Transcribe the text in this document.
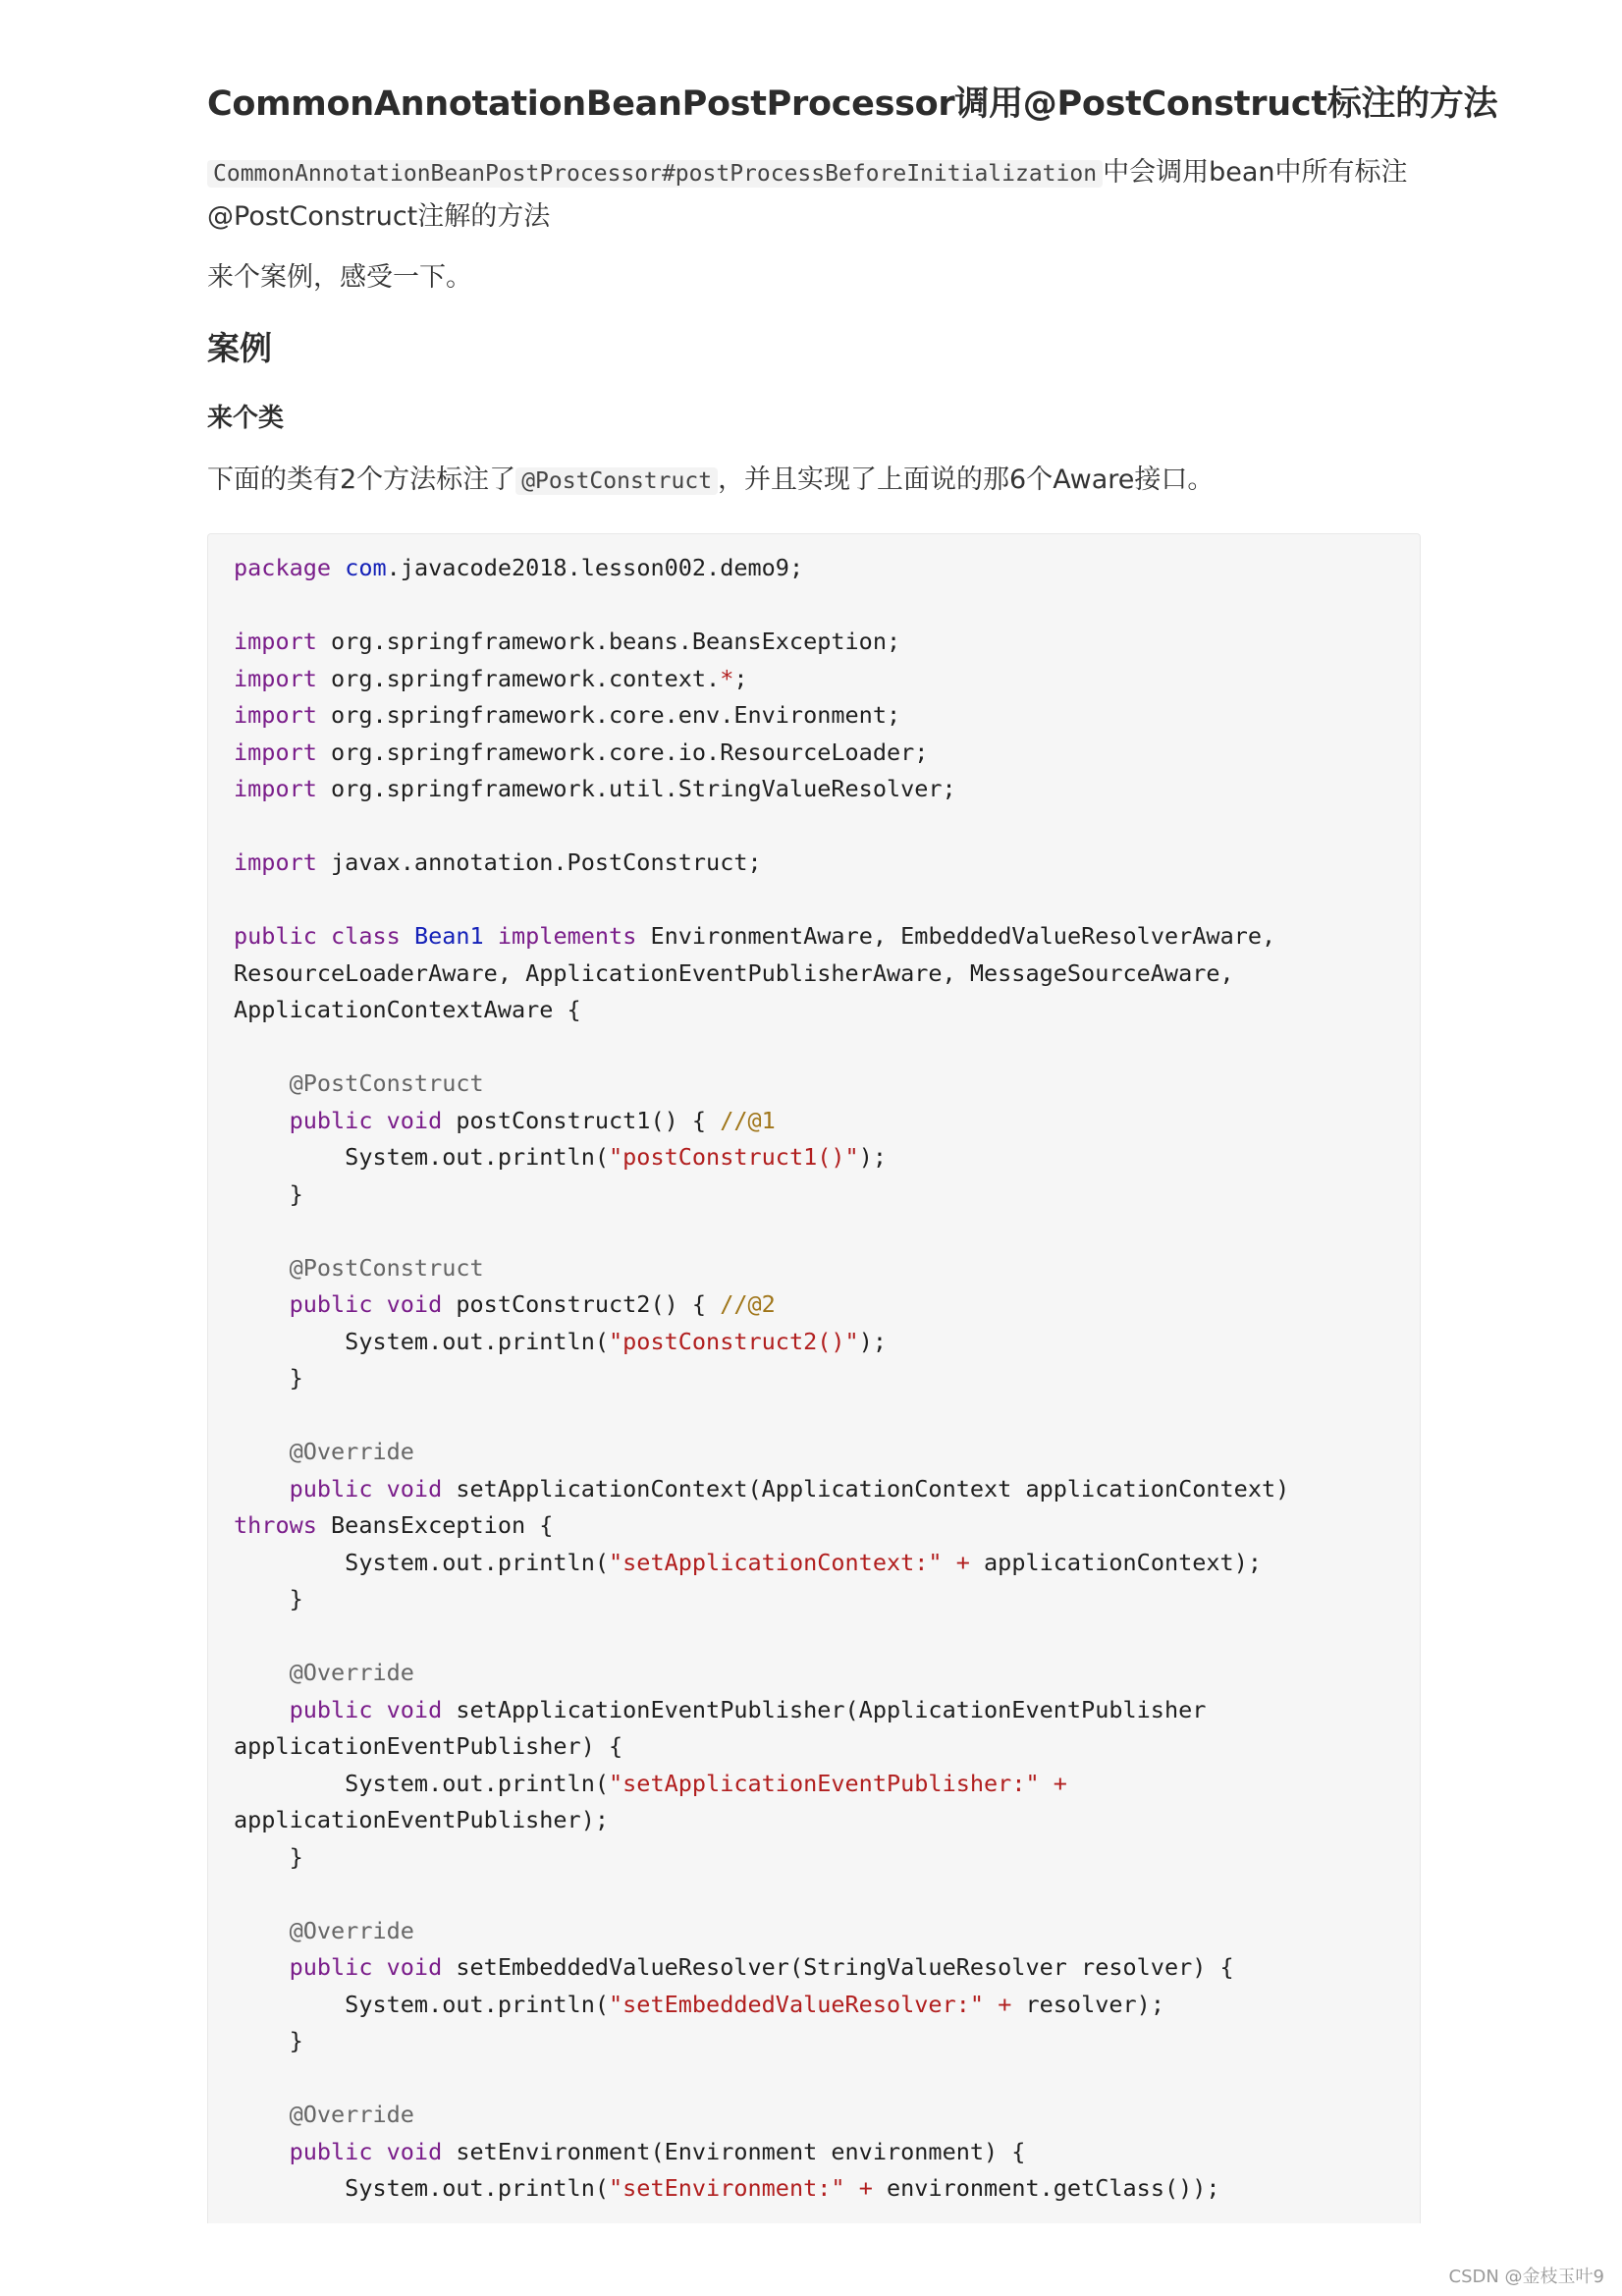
CommonAnnotationBeanPostProcessor调用@PostConstruct标注的方法

CommonAnnotationBeanPostProcessor#postProcessBeforeInitialization 中会调用bean中所有标注@PostConstruct注解的方法

来个案例，感受一下。

案例
来个类

下面的类有2个方法标注了 @PostConstruct ，并且实现了上面说的那6个Aware接口。

package com.javacode2018.lesson002.demo9;
import org.springframework.beans.BeansException;
import org.springframework.context.*;
import org.springframework.core.env.Environment;
import org.springframework.core.io.ResourceLoader;
import org.springframework.util.StringValueResolver;
import javax.annotation.PostConstruct;
public class Bean1 implements EnvironmentAware, EmbeddedValueResolverAware,
ResourceLoaderAware, ApplicationEventPublisherAware, MessageSourceAware,
ApplicationContextAware {
@PostConstruct
public void postConstruct1() { //@1
System.out.println("postConstruct1()");
}
@PostConstruct
public void postConstruct2() { //@2
System.out.println("postConstruct2()");
}
@Override
public void setApplicationContext(ApplicationContext applicationContext)
throws BeansException {
System.out.println("setApplicationContext:" + applicationContext);
}
@Override
public void setApplicationEventPublisher(ApplicationEventPublisher
applicationEventPublisher) {
System.out.println("setApplicationEventPublisher:" +
applicationEventPublisher);
}
@Override
public void setEmbeddedValueResolver(StringValueResolver resolver) {
System.out.println("setEmbeddedValueResolver:" + resolver);
}
@Override
public void setEnvironment(Environment environment) {
System.out.println("setEnvironment:" + environment.getClass());
CSDN @金枝玉叶9
